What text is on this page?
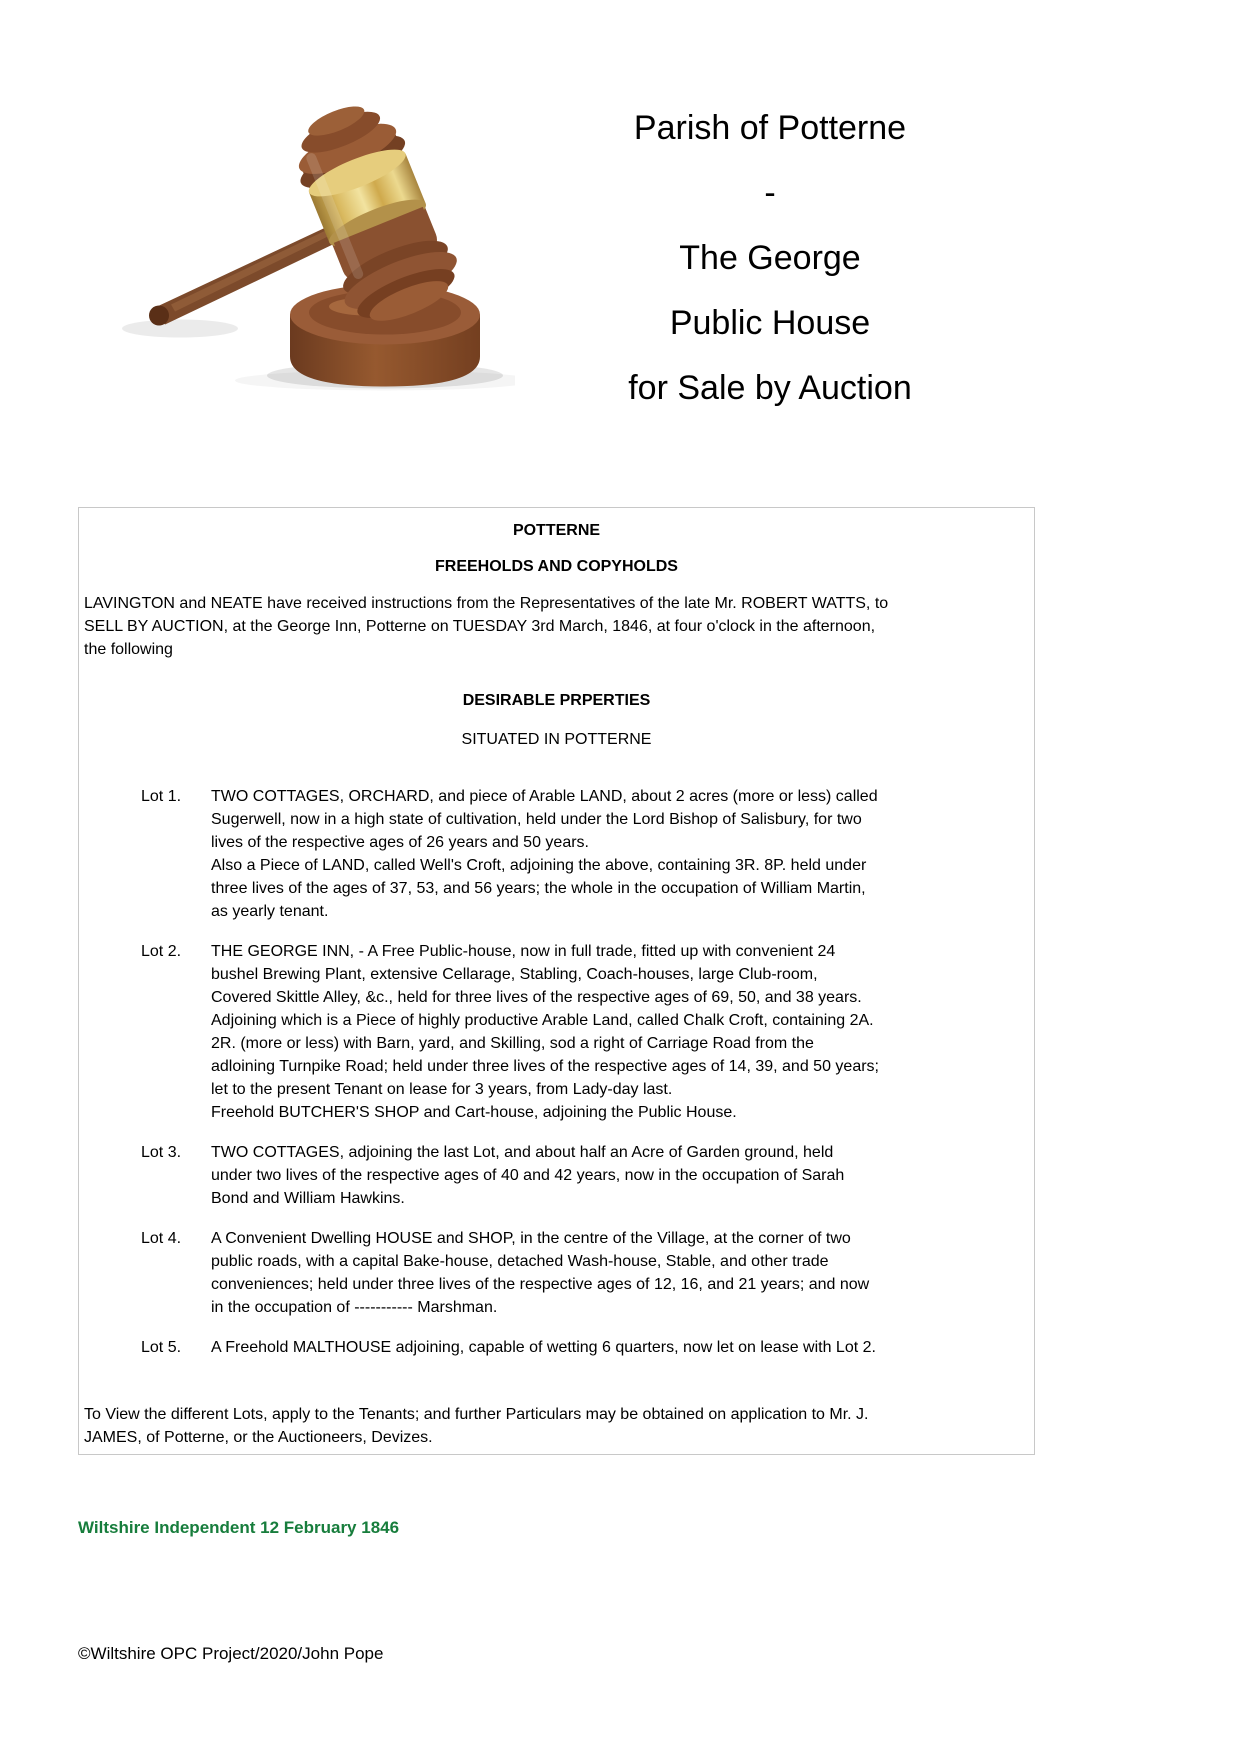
Parish of Potterne
-
The George
Public House
for Sale by Auction
POTTERNE
FREEHOLDS AND COPYHOLDS
LAVINGTON and NEATE have received instructions from the Representatives of the late Mr. ROBERT WATTS, to
SELL BY AUCTION, at the George Inn, Potterne on TUESDAY 3rd March, 1846, at four o'clock in the afternoon,
the following
DESIRABLE PRPERTIES
SITUATED IN POTTERNE
Lot 1.	TWO COTTAGES, ORCHARD, and piece of Arable LAND, about 2 acres (more or less) called
Sugerwell, now in a high state of cultivation, held under the Lord Bishop of Salisbury, for two
lives of the respective ages of 26 years and 50 years.
Also a Piece of LAND, called Well's Croft, adjoining the above, containing 3R. 8P. held under
three lives of the ages of 37, 53, and 56 years; the whole in the occupation of William Martin,
as yearly tenant.
Lot 2.	THE GEORGE INN, - A Free Public-house, now in full trade, fitted up with convenient 24
bushel Brewing Plant, extensive Cellarage, Stabling, Coach-houses, large Club-room,
Covered Skittle Alley, &c., held for three lives of the respective ages of 69, 50, and 38 years.
Adjoining which is a Piece of highly productive Arable Land, called Chalk Croft, containing 2A.
2R. (more or less) with Barn, yard, and Skilling, sod a right of Carriage Road from the
adloining Turnpike Road; held under three lives of the respective ages of 14, 39, and 50 years;
let to the present Tenant on lease for 3 years, from Lady-day last.
Freehold BUTCHER'S SHOP and Cart-house, adjoining the Public House.
Lot 3.	TWO COTTAGES, adjoining the last Lot, and about half an Acre of Garden ground, held
under two lives of the respective ages of 40 and 42 years, now in the occupation of Sarah
Bond and William Hawkins.
Lot 4.	A Convenient Dwelling HOUSE and SHOP, in the centre of the Village, at the corner of two
public roads, with a capital Bake-house, detached Wash-house, Stable, and other trade
conveniences; held under three lives of the respective ages of 12, 16, and 21 years; and now
in the occupation of ----------- Marshman.
Lot 5.	A Freehold MALTHOUSE adjoining, capable of wetting 6 quarters, now let on lease with Lot 2.
To View the different Lots, apply to the Tenants; and further Particulars may be obtained on application to Mr. J.
JAMES, of Potterne, or the Auctioneers, Devizes.
Wiltshire Independent 12 February 1846
©Wiltshire OPC Project/2020/John Pope
